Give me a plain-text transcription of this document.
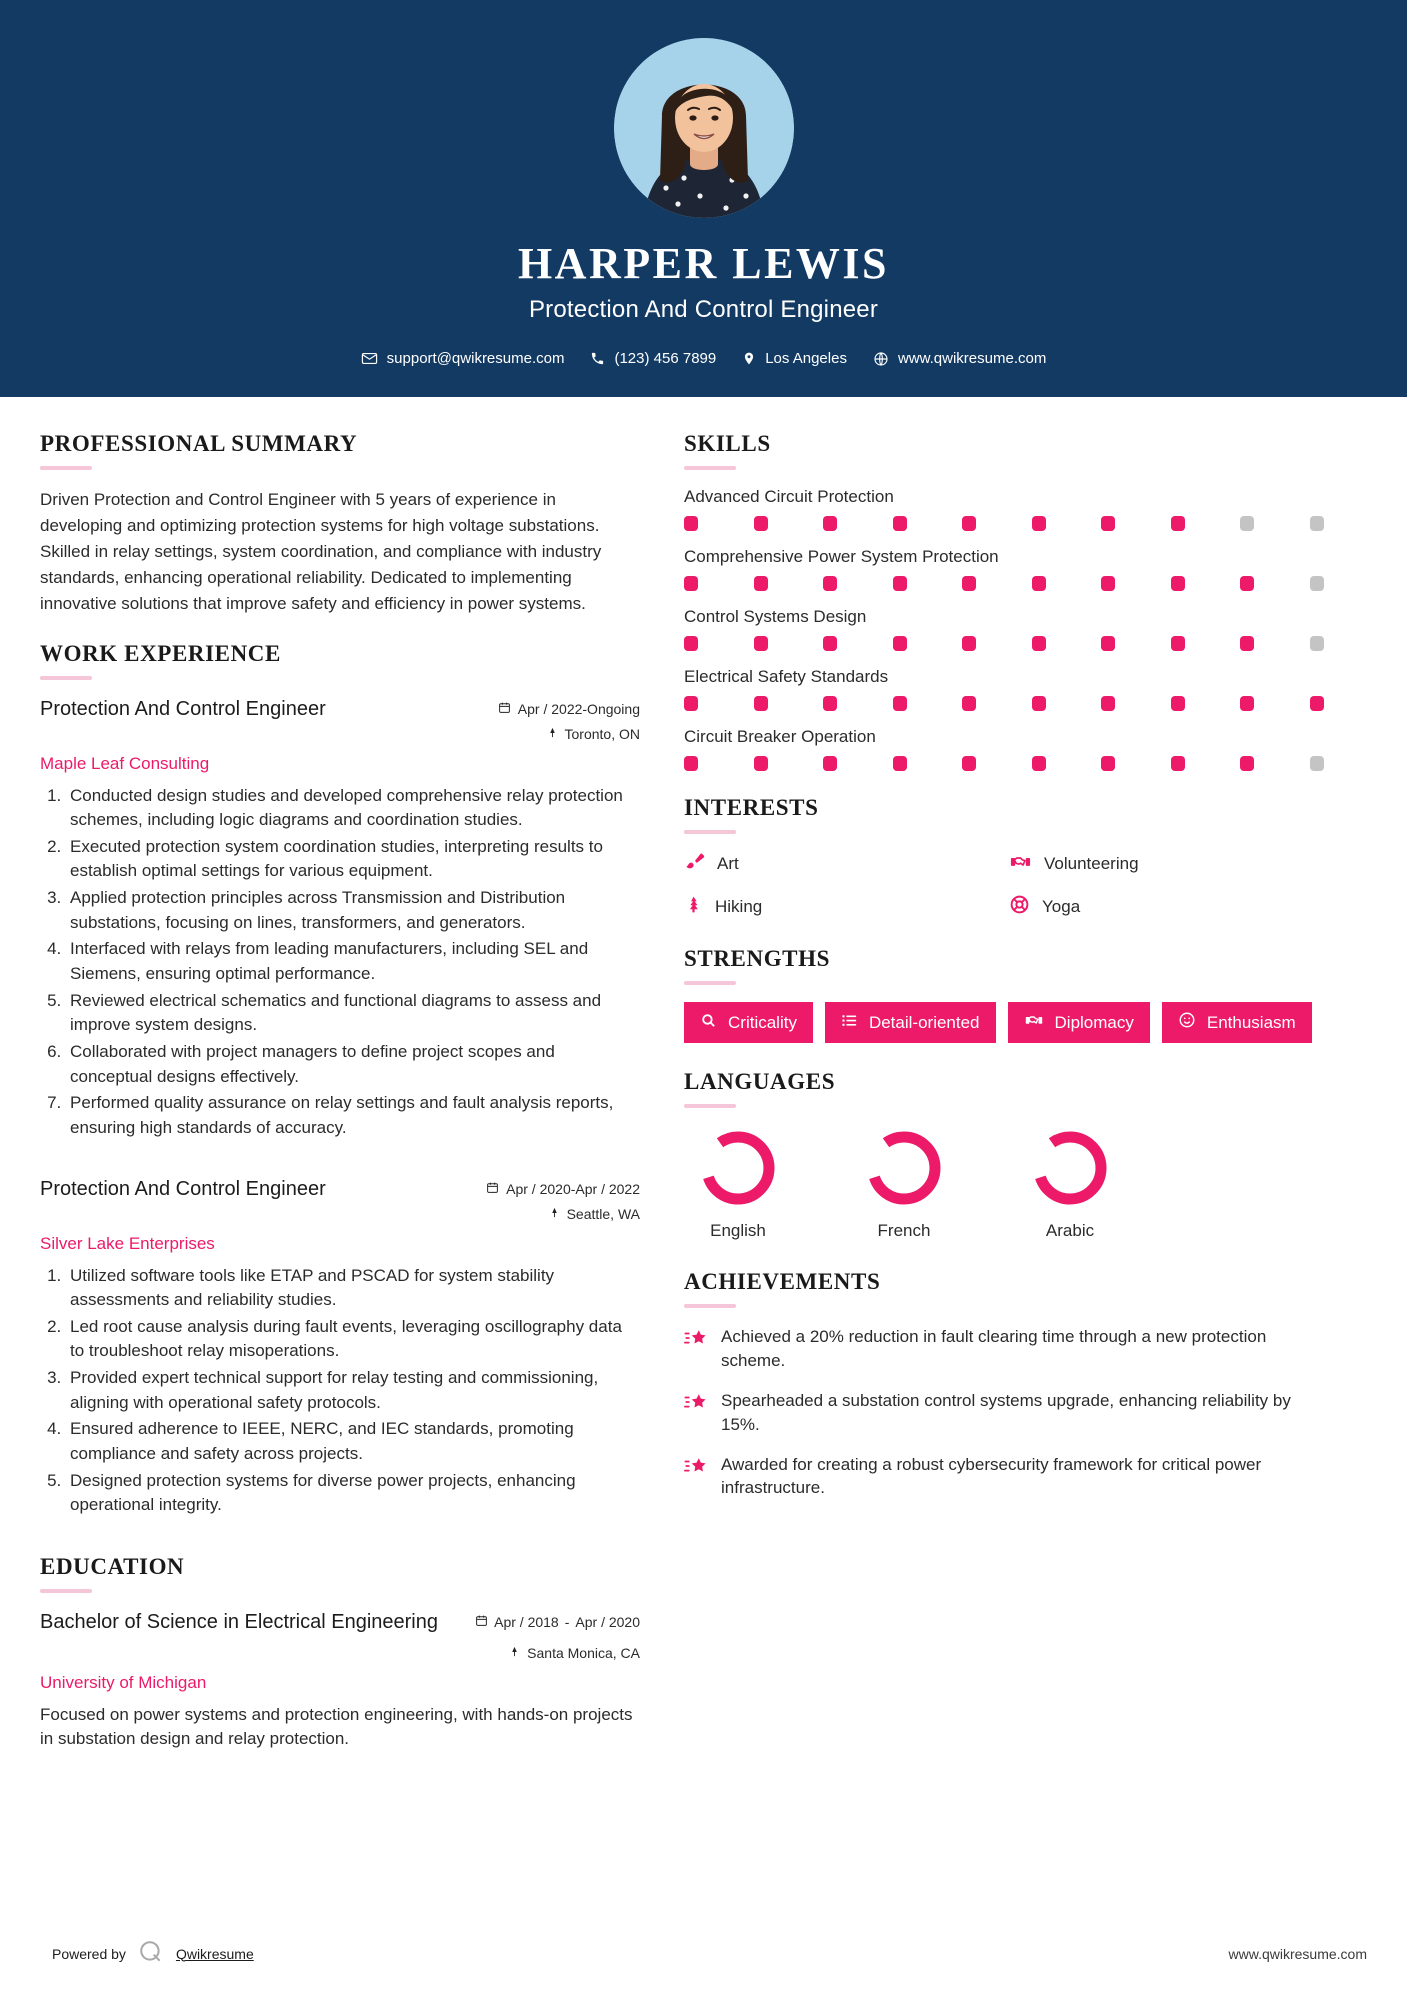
HARPER LEWIS
Protection And Control Engineer
support@qwikresume.com	(123) 456 7899	Los Angeles	www.qwikresume.com
PROFESSIONAL SUMMARY
Driven Protection and Control Engineer with 5 years of experience in developing and optimizing protection systems for high voltage substations. Skilled in relay settings, system coordination, and compliance with industry standards, enhancing operational reliability. Dedicated to implementing innovative solutions that improve safety and efficiency in power systems.
WORK EXPERIENCE
Protection And Control Engineer	Apr / 2022-Ongoing
Toronto, ON
Maple Leaf Consulting
1. Conducted design studies and developed comprehensive relay protection schemes, including logic diagrams and coordination studies.
2. Executed protection system coordination studies, interpreting results to establish optimal settings for various equipment.
3. Applied protection principles across Transmission and Distribution substations, focusing on lines, transformers, and generators.
4. Interfaced with relays from leading manufacturers, including SEL and Siemens, ensuring optimal performance.
5. Reviewed electrical schematics and functional diagrams to assess and improve system designs.
6. Collaborated with project managers to define project scopes and conceptual designs effectively.
7. Performed quality assurance on relay settings and fault analysis reports, ensuring high standards of accuracy.
Protection And Control Engineer	Apr / 2020-Apr / 2022
Seattle, WA
Silver Lake Enterprises
1. Utilized software tools like ETAP and PSCAD for system stability assessments and reliability studies.
2. Led root cause analysis during fault events, leveraging oscillography data to troubleshoot relay misoperations.
3. Provided expert technical support for relay testing and commissioning, aligning with operational safety protocols.
4. Ensured adherence to IEEE, NERC, and IEC standards, promoting compliance and safety across projects.
5. Designed protection systems for diverse power projects, enhancing operational integrity.
EDUCATION
Bachelor of Science in Electrical Engineering	Apr / 2018 - Apr / 2020
Santa Monica, CA
University of Michigan
Focused on power systems and protection engineering, with hands-on projects in substation design and relay protection.
SKILLS
Advanced Circuit Protection
Comprehensive Power System Protection
Control Systems Design
Electrical Safety Standards
Circuit Breaker Operation
INTERESTS
Art	Volunteering
Hiking	Yoga
STRENGTHS
Criticality	Detail-oriented	Diplomacy	Enthusiasm
LANGUAGES
English	French	Arabic
ACHIEVEMENTS
Achieved a 20% reduction in fault clearing time through a new protection scheme.
Spearheaded a substation control systems upgrade, enhancing reliability by 15%.
Awarded for creating a robust cybersecurity framework for critical power infrastructure.
Powered by	Qwikresume	www.qwikresume.com
